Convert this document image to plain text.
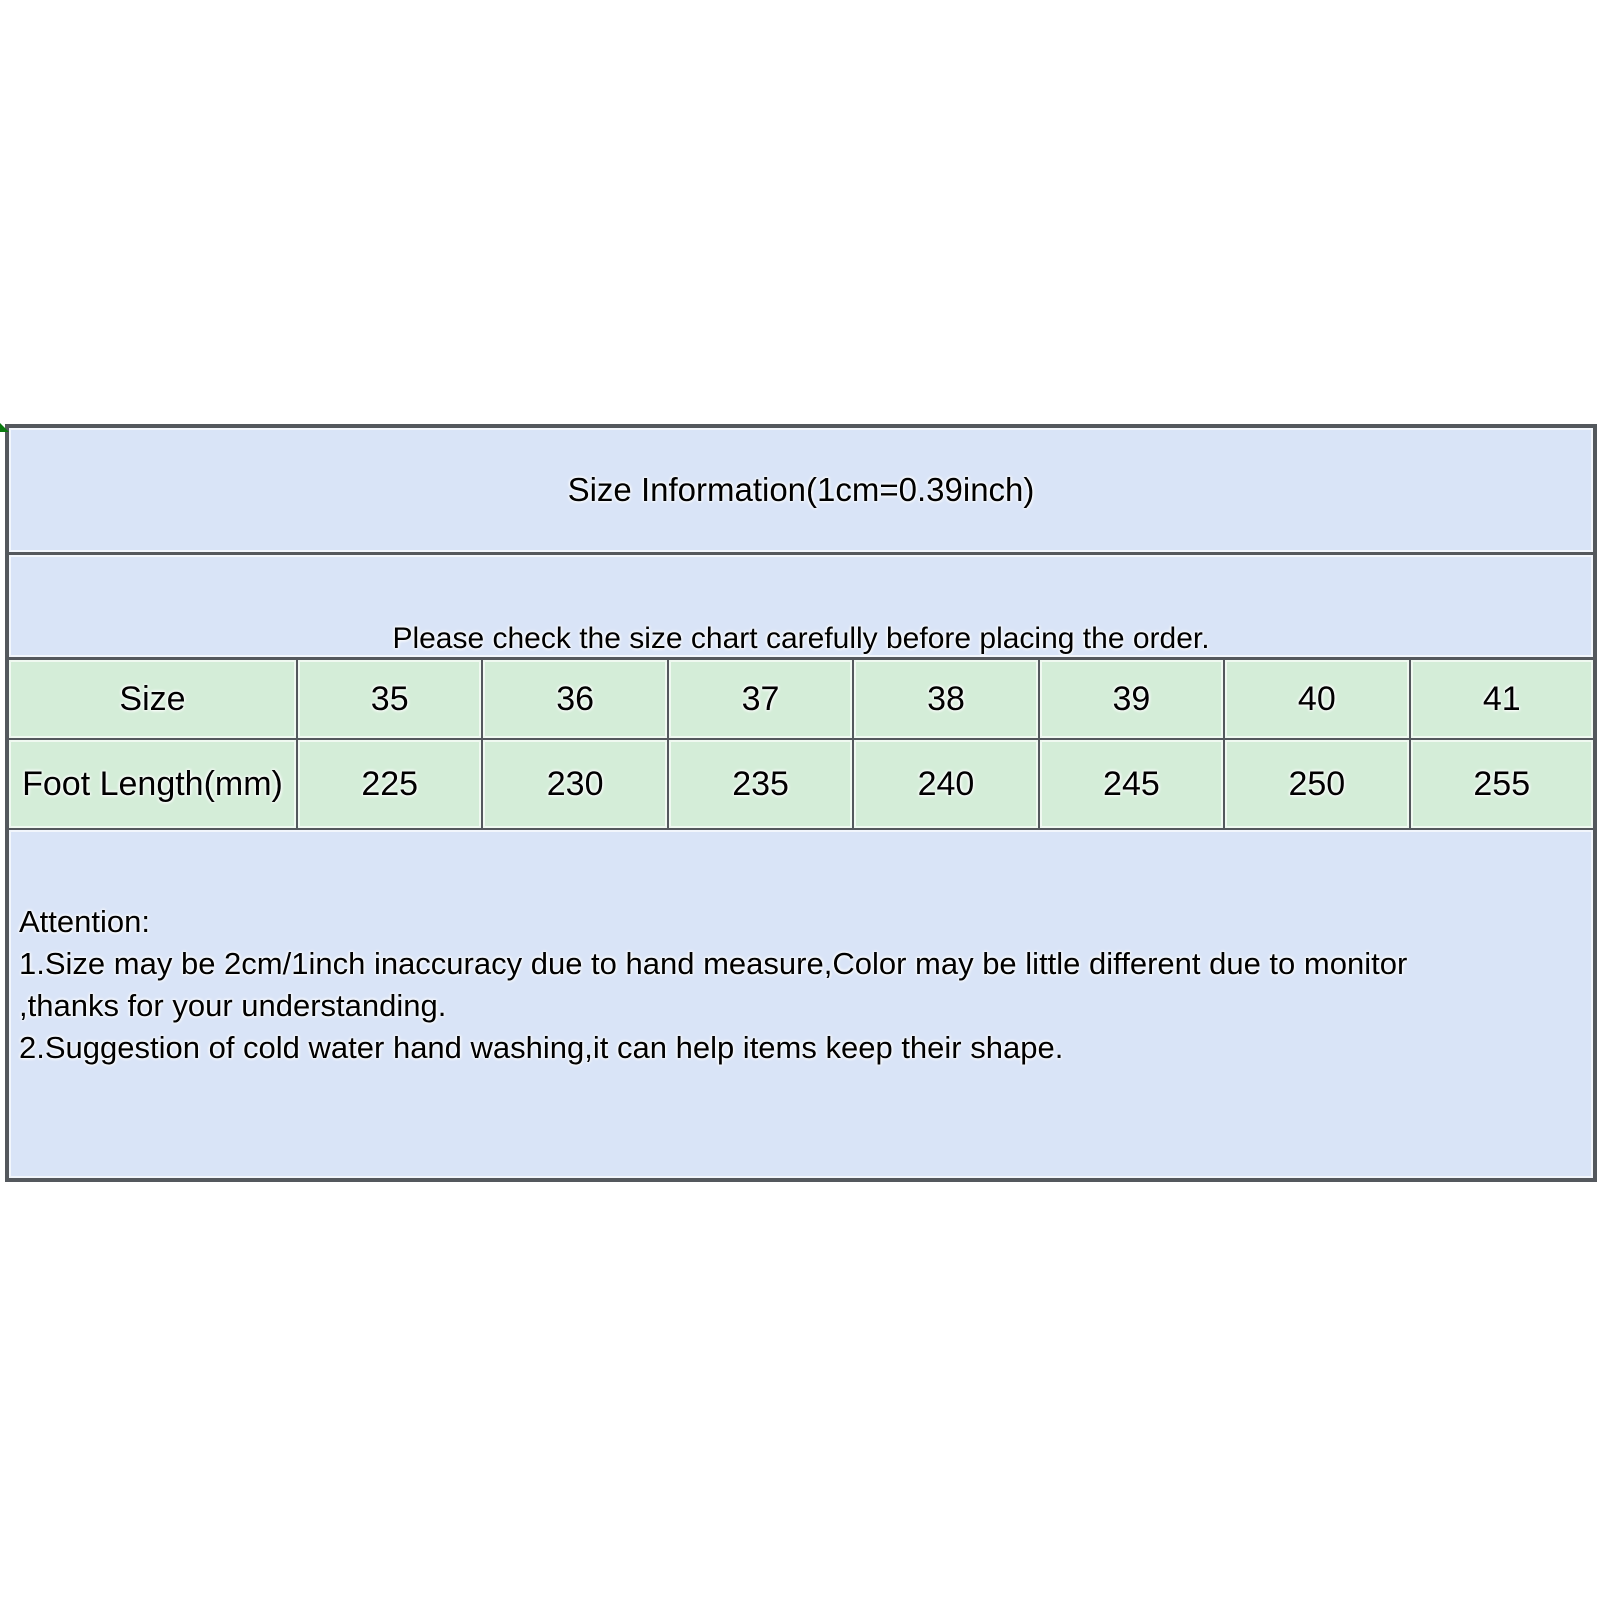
Size Information(1cm=0.39inch)							
Please check the size chart carefully before placing the order.							
Size	35	36	37	38	39	40	41
Foot Length(mm)	225	230	235	240	245	250	255

Attention:
1.Size may be 2cm/1inch inaccuracy due to hand measure,Color may be little different due to monitor
,thanks for your understanding.
2.Suggestion of cold water hand washing,it can help items keep their shape.							
